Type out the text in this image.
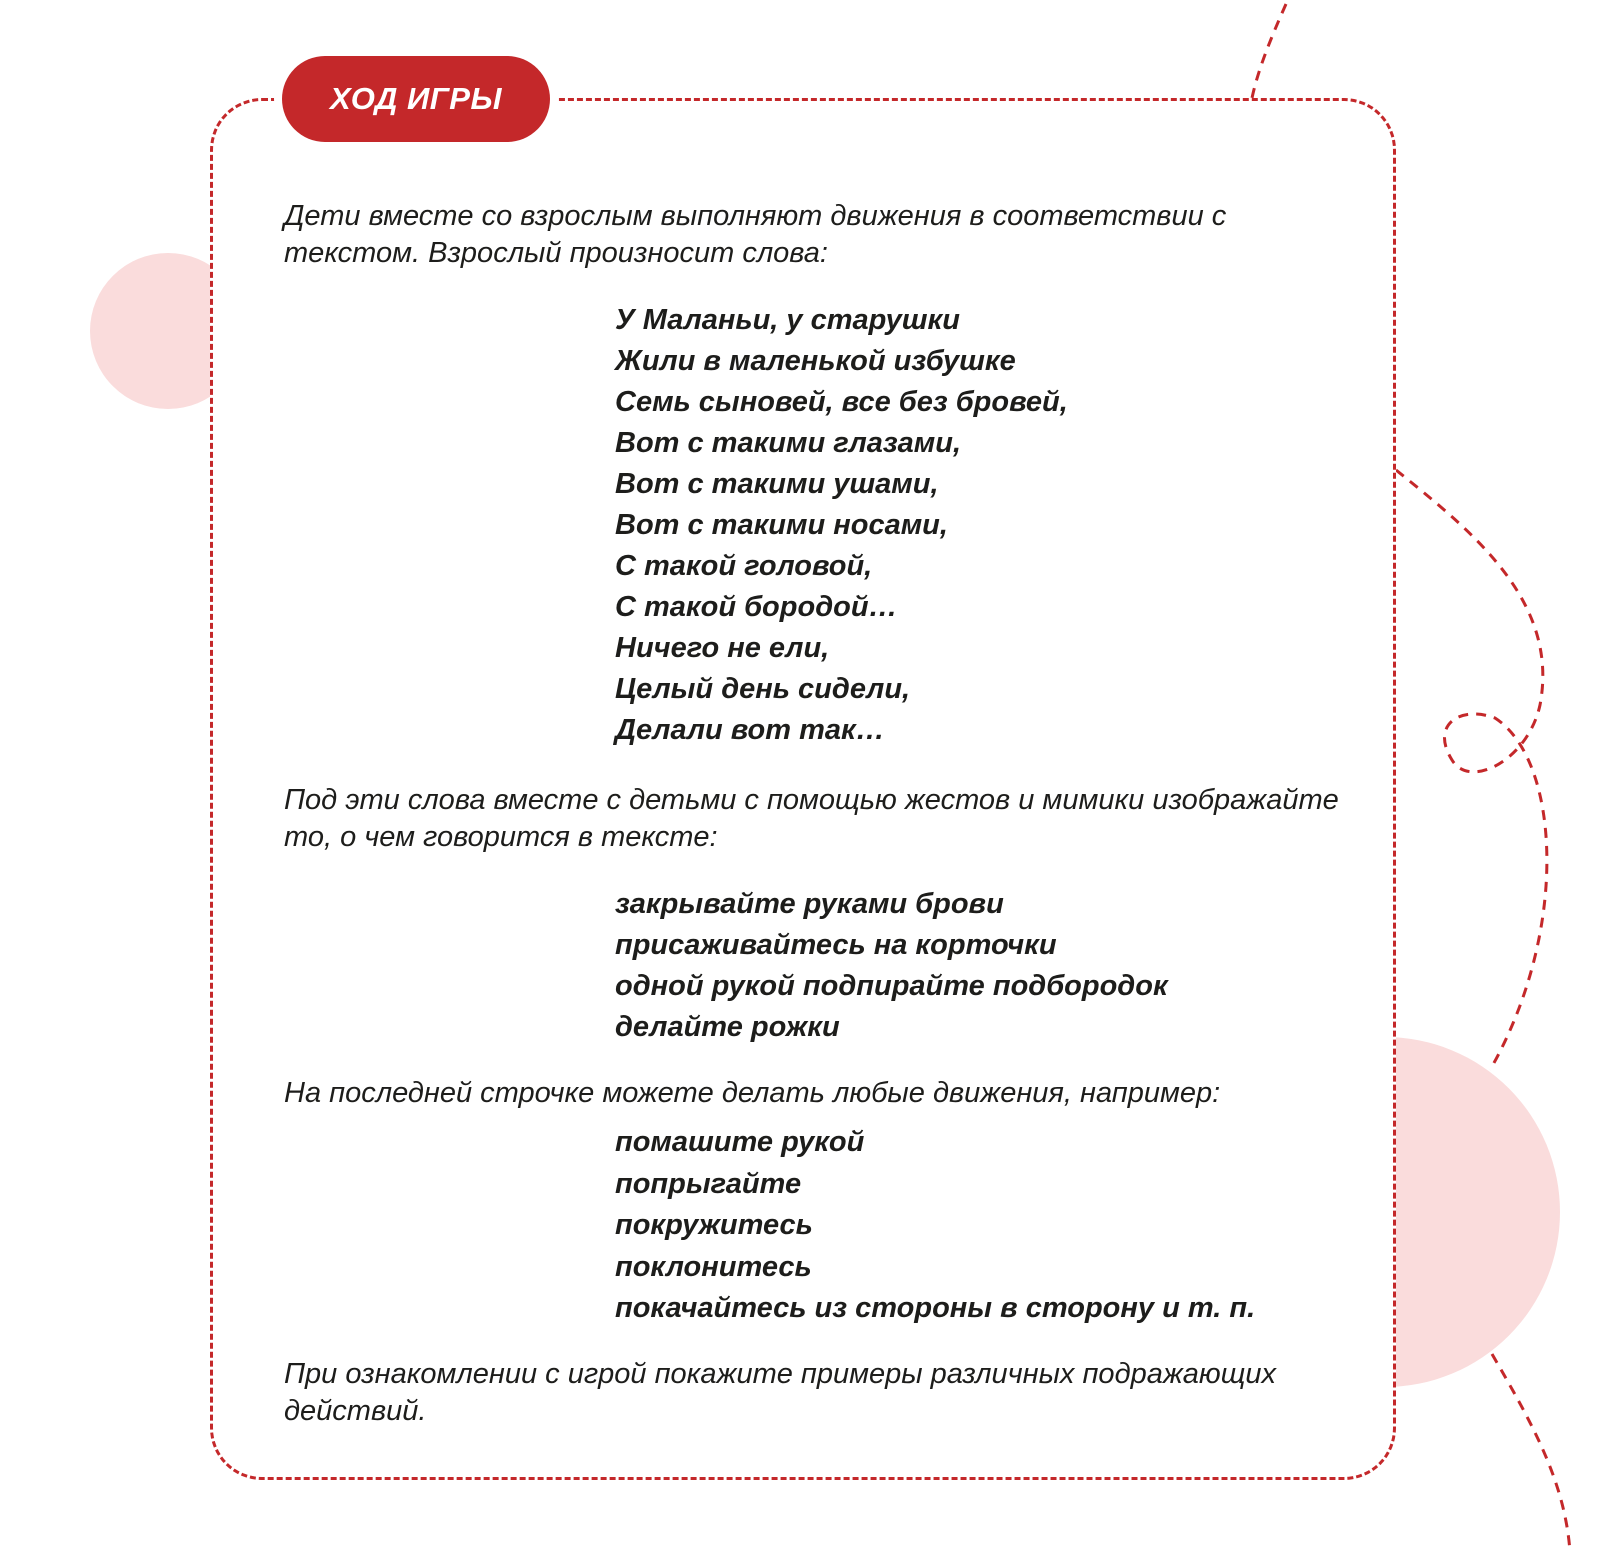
ХОД ИГРЫ

Дети вместе со взрослым выполняют движения в соответствии с текстом. Взрослый произносит слова:

У Маланьи, у старушки
Жили в маленькой избушке
Семь сыновей, все без бровей,
Вот с такими глазами,
Вот с такими ушами,
Вот с такими носами,
С такой головой,
С такой бородой…
Ничего не ели,
Целый день сидели,
Делали вот так…

Под эти слова вместе с детьми с помощью жестов и мимики изображайте то, о чем говорится в тексте:

закрывайте руками брови
присаживайтесь на корточки
одной рукой подпирайте подбородок
делайте рожки

На последней строчке можете делать любые движения, например:

помашите рукой
попрыгайте
покружитесь
поклонитесь
покачайтесь из стороны в сторону и т. п.

При ознакомлении с игрой покажите примеры различных подражающих действий.
